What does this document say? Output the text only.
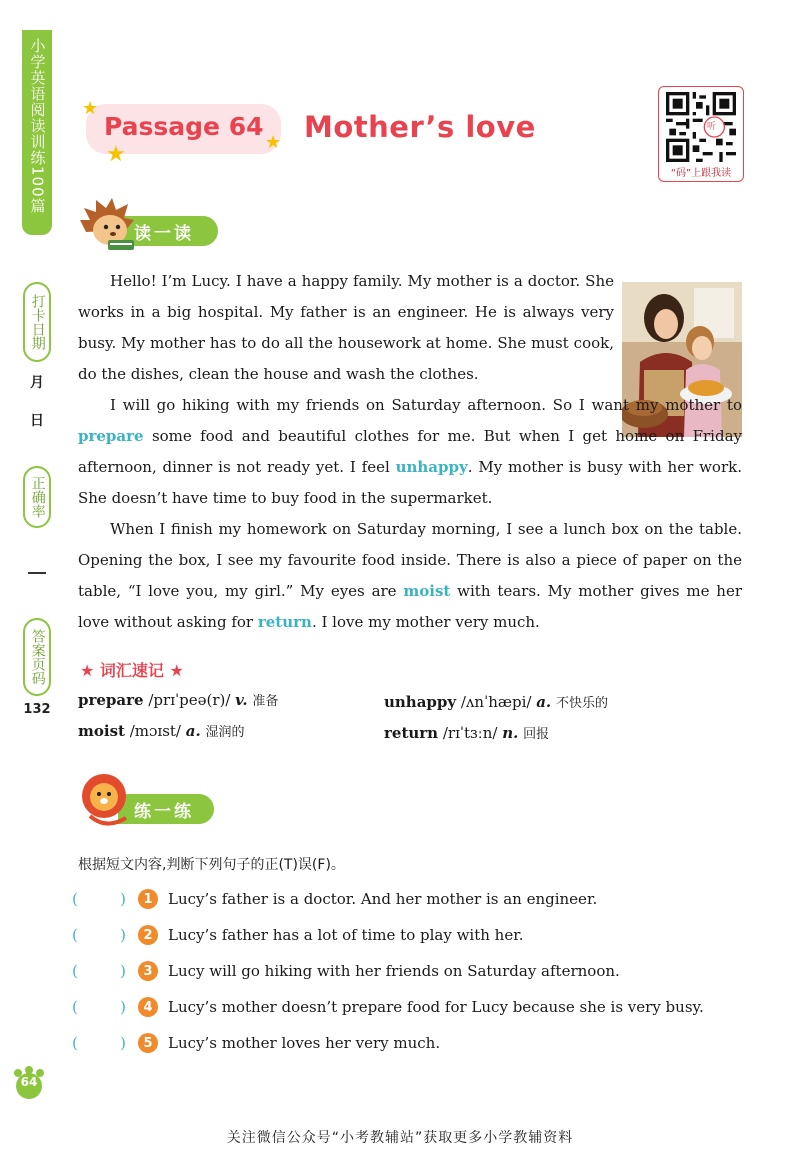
小学英语阅读训练100篇
打卡日期
月
日
正确率
答案页码
132
★
★	★
Passage 64 Mother’s love	听
“码”上跟我读
读一读

Hello! I’m Lucy. I have a happy family. My mother is a doctor. She works in a big hospital. My father is an engineer. He is always very busy. My mother has to do all the housework at home. She must cook, do the dishes, clean the house and wash the clothes.

I will go hiking with my friends on Saturday afternoon. So I want my mother to prepare some food and beautiful clothes for me. But when I get home on Friday afternoon, dinner is not ready yet. I feel unhappy. My mother is busy with her work. She doesn’t have time to buy food in the supermarket.

When I finish my homework on Saturday morning, I see a lunch box on the table. Opening the box, I see my favourite food inside. There is also a piece of paper on the table, “I love you, my girl.” My eyes are moist with tears. My mother gives me her love without asking for return. I love my mother very much.

★ 词汇速记 ★
prepare /prɪˈpeə(r)/ v. 准备	unhappy /ʌnˈhæpi/ a. 不快乐的
moist /mɔɪst/ a. 湿润的	return /rɪˈtɜːn/ n. 回报
练一练
根据短文内容,判断下列句子的正(T)误(F)。
(	)	1	Lucy’s father is a doctor. And her mother is an engineer.
(	)	2	Lucy’s father has a lot of time to play with her.
(	)	3	Lucy will go hiking with her friends on Saturday afternoon.
(	)	4	Lucy’s mother doesn’t prepare food for Lucy because she is very busy.
(	)	5	Lucy’s mother loves her very much.
64
关注微信公众号“小考教辅站”获取更多小学教辅资料
